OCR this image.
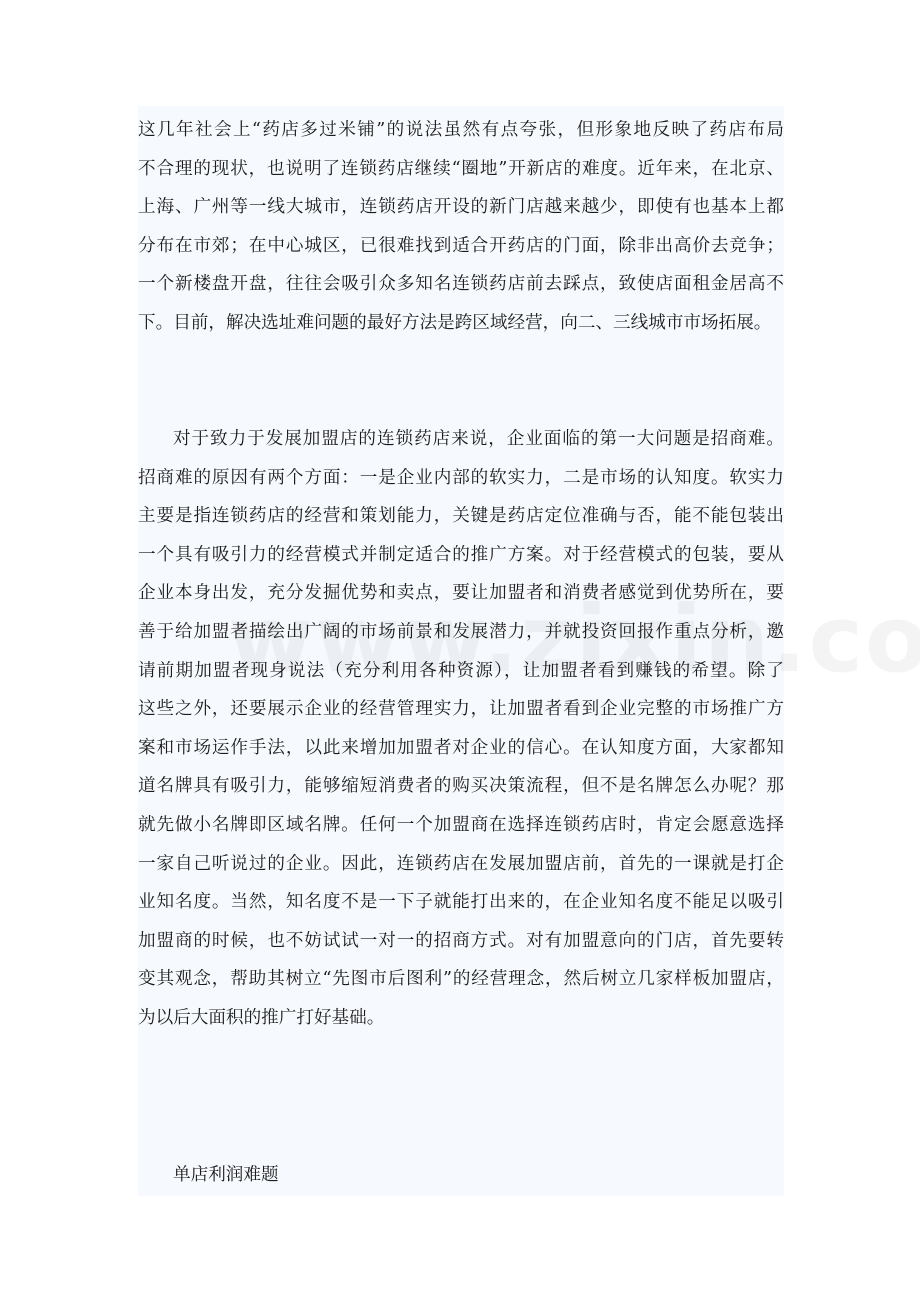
这几年社会上“药店多过米铺”的说法虽然有点夸张，但形象地反映了药店布局
不合理的现状，也说明了连锁药店继续“圈地”开新店的难度。近年来，在北京、
上海、广州等一线大城市，连锁药店开设的新门店越来越少，即使有也基本上都
分布在市郊；在中心城区，已很难找到适合开药店的门面，除非出高价去竞争；
一个新楼盘开盘，往往会吸引众多知名连锁药店前去踩点，致使店面租金居高不
下。目前，解决选址难问题的最好方法是跨区域经营，向二、三线城市市场拓展。

对于致力于发展加盟店的连锁药店来说，企业面临的第一大问题是招商难。
招商难的原因有两个方面：一是企业内部的软实力，二是市场的认知度。软实力
主要是指连锁药店的经营和策划能力，关键是药店定位准确与否，能不能包装出
一个具有吸引力的经营模式并制定适合的推广方案。对于经营模式的包装，要从
企业本身出发，充分发掘优势和卖点，要让加盟者和消费者感觉到优势所在，要
善于给加盟者描绘出广阔的市场前景和发展潜力，并就投资回报作重点分析，邀
请前期加盟者现身说法（充分利用各种资源），让加盟者看到赚钱的希望。除了
这些之外，还要展示企业的经营管理实力，让加盟者看到企业完整的市场推广方
案和市场运作手法，以此来增加加盟者对企业的信心。在认知度方面，大家都知
道名牌具有吸引力，能够缩短消费者的购买决策流程，但不是名牌怎么办呢？那
就先做小名牌即区域名牌。任何一个加盟商在选择连锁药店时，肯定会愿意选择
一家自己听说过的企业。因此，连锁药店在发展加盟店前，首先的一课就是打企
业知名度。当然，知名度不是一下子就能打出来的，在企业知名度不能足以吸引
加盟商的时候，也不妨试试一对一的招商方式。对有加盟意向的门店，首先要转
变其观念，帮助其树立“先图市后图利”的经营理念，然后树立几家样板加盟店，
为以后大面积的推广打好基础。

单店利润难题
